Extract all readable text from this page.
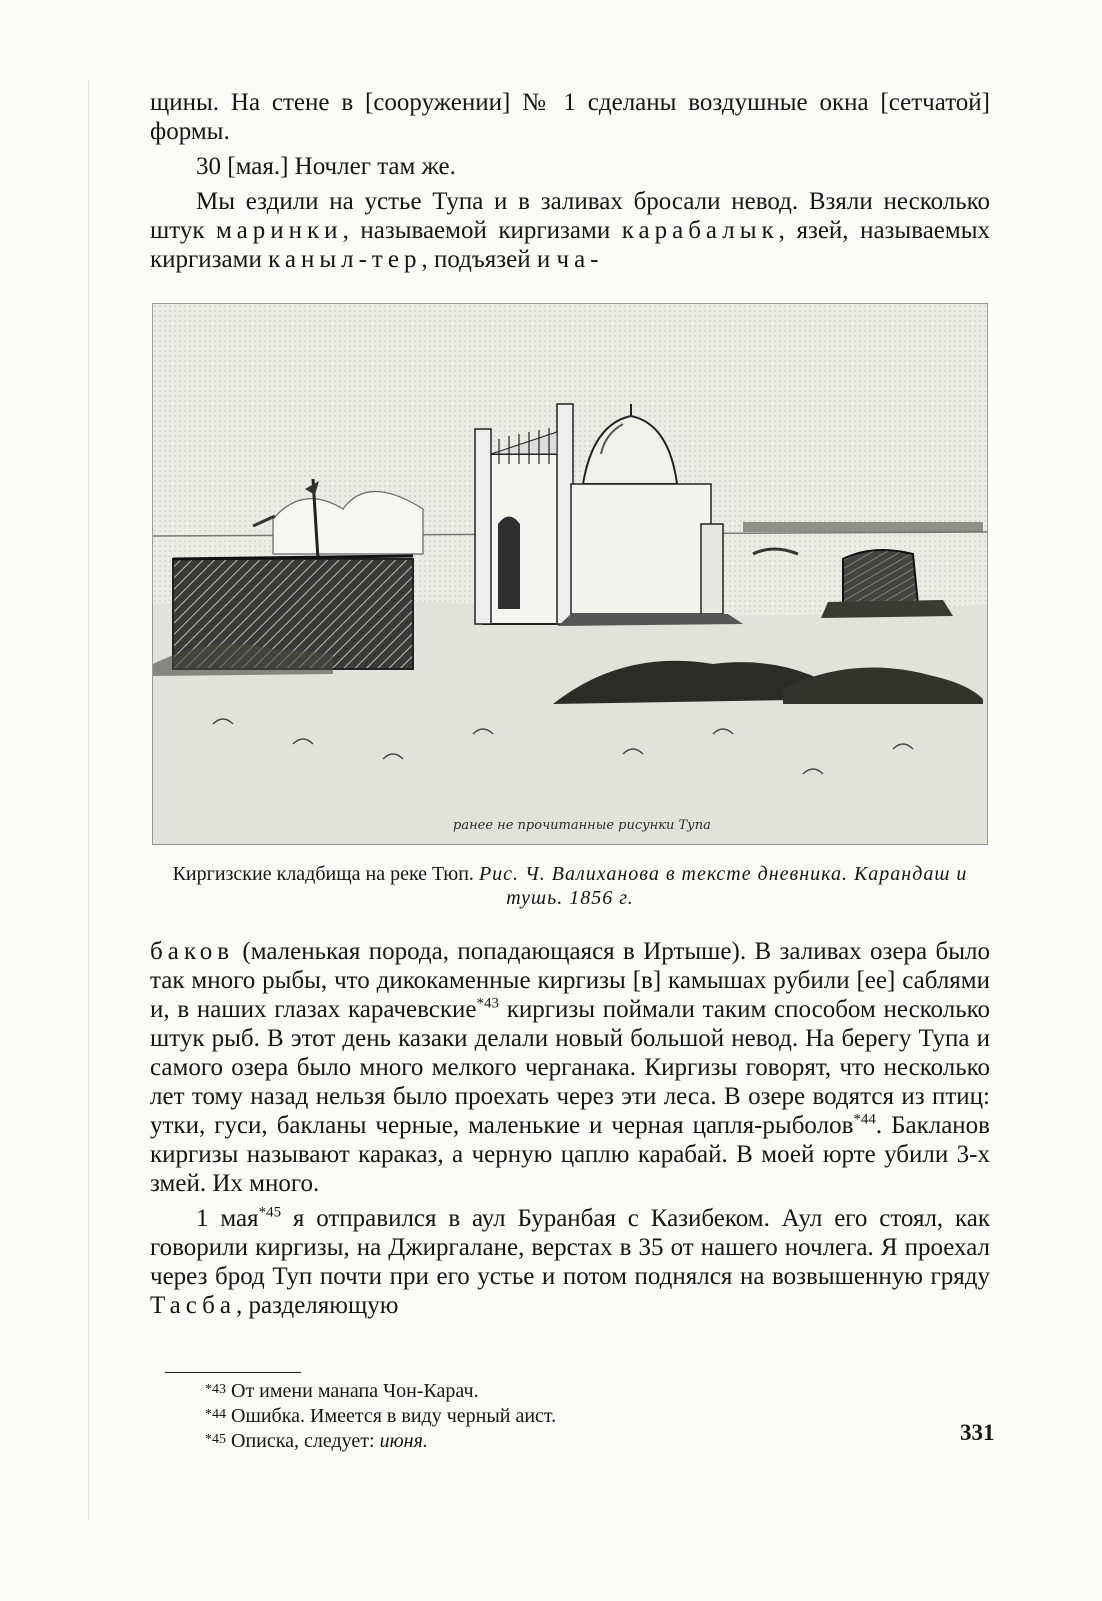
щины. На стене в [сооружении] № 1 сделаны воздушные окна [сетчатой] формы.

30 [мая.] Ночлег там же.

Мы ездили на устье Тупа и в заливах бросали невод. Взяли несколько штук маринки, называемой киргизами карабалык, язей, называемых киргизами каныл-тер, подъязей и ча-

ранее не прочитанные рисунки Тупа
Киргизские кладбища на реке Тюп. Рис. Ч. Валиханова в тексте дневника. Карандаш и тушь. 1856 г.

баков (маленькая порода, попадающаяся в Иртыше). В заливах озера было так много рыбы, что дикокаменные киргизы [в] камышах рубили [ее] саблями и, в наших глазах карачевские$^{*43}$ киргизы поймали таким способом несколько штук рыб. В этот день казаки делали новый большой невод. На берегу Тупа и самого озера было много мелкого черганака. Киргизы говорят, что несколько лет тому назад нельзя было проехать через эти леса. В озере водятся из птиц: утки, гуси, бакланы черные, маленькие и черная цапля-рыболов$^{*44}$. Бакланов киргизы называют караказ, а черную цаплю карабай. В моей юрте убили 3-х змей. Их много.

1 мая$^{*45}$ я отправился в аул Буранбая с Казибеком. Аул его стоял, как говорили киргизы, на Джиргалане, верстах в 35 от нашего ночлега. Я проехал через брод Туп почти при его устье и потом поднялся на возвышенную гряду Тасба, разделяющую

$^{*43}$ От имени манапа Чон-Карач.
$^{*44}$ Ошибка. Имеется в виду черный аист.
$^{*45}$ Описка, следует: июня.	331
